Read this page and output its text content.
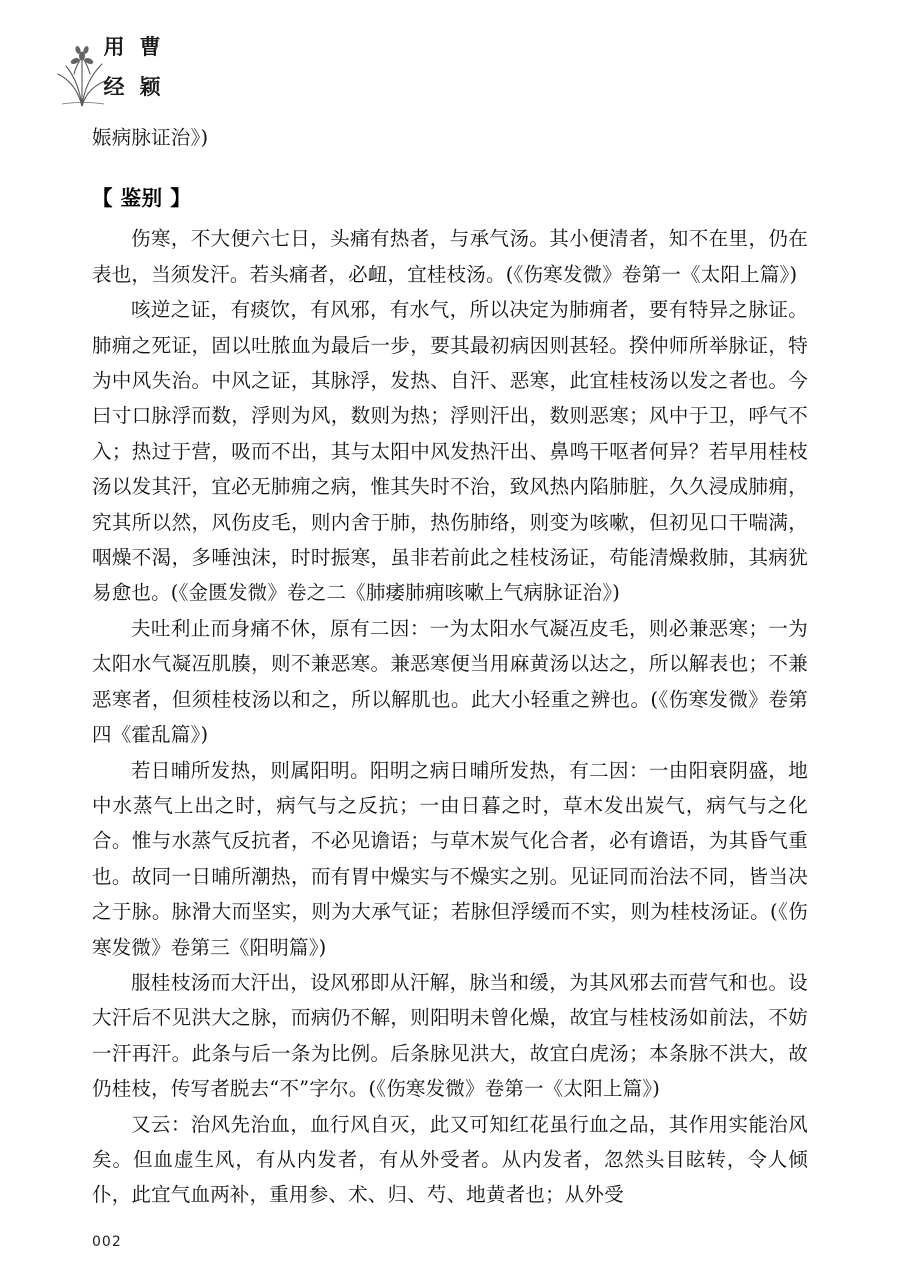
用 曹
经 颖

娠病脉证治》)

【 鉴别 】

伤寒，不大便六七日，头痛有热者，与承气汤。其小便清者，知不在里，仍在表也，当须发汗。若头痛者，必衄，宜桂枝汤。(《伤寒发微》卷第一《太阳上篇》)

咳逆之证，有痰饮，有风邪，有水气，所以决定为肺痈者，要有特异之脉证。肺痈之死证，固以吐脓血为最后一步，要其最初病因则甚轻。揆仲师所举脉证，特为中风失治。中风之证，其脉浮，发热、自汗、恶寒，此宜桂枝汤以发之者也。今曰寸口脉浮而数，浮则为风，数则为热；浮则汗出，数则恶寒；风中于卫，呼气不入；热过于营，吸而不出，其与太阳中风发热汗出、鼻鸣干呕者何异？若早用桂枝汤以发其汗，宜必无肺痈之病，惟其失时不治，致风热内陷肺脏，久久浸成肺痈，究其所以然，风伤皮毛，则内舍于肺，热伤肺络，则变为咳嗽，但初见口干喘满，咽燥不渴，多唾浊沫，时时振寒，虽非若前此之桂枝汤证，苟能清燥救肺，其病犹易愈也。(《金匮发微》卷之二《肺痿肺痈咳嗽上气病脉证治》)

夫吐利止而身痛不休，原有二因：一为太阳水气凝冱皮毛，则必兼恶寒；一为太阳水气凝冱肌腠，则不兼恶寒。兼恶寒便当用麻黄汤以达之，所以解表也；不兼恶寒者，但须桂枝汤以和之，所以解肌也。此大小轻重之辨也。(《伤寒发微》卷第四《霍乱篇》)

若日晡所发热，则属阳明。阳明之病日晡所发热，有二因：一由阳衰阴盛，地中水蒸气上出之时，病气与之反抗；一由日暮之时，草木发出炭气，病气与之化合。惟与水蒸气反抗者，不必见谵语；与草木炭气化合者，必有谵语，为其昏气重也。故同一日晡所潮热，而有胃中燥实与不燥实之别。见证同而治法不同，皆当决之于脉。脉滑大而坚实，则为大承气证；若脉但浮缓而不实，则为桂枝汤证。(《伤寒发微》卷第三《阳明篇》)

服桂枝汤而大汗出，设风邪即从汗解，脉当和缓，为其风邪去而营气和也。设大汗后不见洪大之脉，而病仍不解，则阳明未曾化燥，故宜与桂枝汤如前法，不妨一汗再汗。此条与后一条为比例。后条脉见洪大，故宜白虎汤；本条脉不洪大，故仍桂枝，传写者脱去“不”字尔。(《伤寒发微》卷第一《太阳上篇》)

又云：治风先治血，血行风自灭，此又可知红花虽行血之品，其作用实能治风矣。但血虚生风，有从内发者，有从外受者。从内发者，忽然头目眩转，令人倾仆，此宜气血两补，重用参、术、归、芍、地黄者也；从外受

002
